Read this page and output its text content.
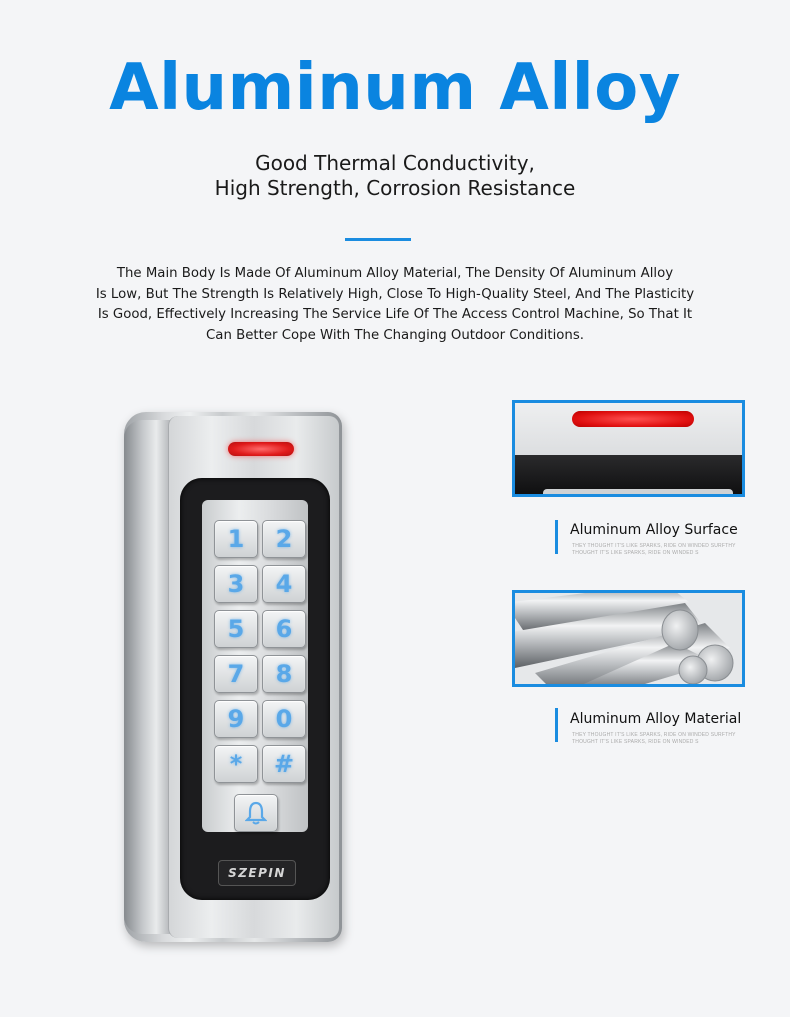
Aluminum Alloy
Good Thermal Conductivity,
High Strength, Corrosion Resistance
The Main Body Is Made Of Aluminum Alloy Material, The Density Of Aluminum Alloy
Is Low, But The Strength Is Relatively High, Close To High-Quality Steel, And The Plasticity
Is Good, Effectively Increasing The Service Life Of The Access Control Machine, So That It
Can Better Cope With The Changing Outdoor Conditions.
1	2
3	4
5	6
7	8
9	0
*	#
SZEPIN
Aluminum Alloy Surface
THEY THOUGHT IT'S LIKE SPARKS, RIDE ON WINDED SURFTHY THOUGHT IT'S LIKE SPARKS, RIDE ON WINDED S
Aluminum Alloy Material
THEY THOUGHT IT'S LIKE SPARKS, RIDE ON WINDED SURFTHY THOUGHT IT'S LIKE SPARKS, RIDE ON WINDED S
